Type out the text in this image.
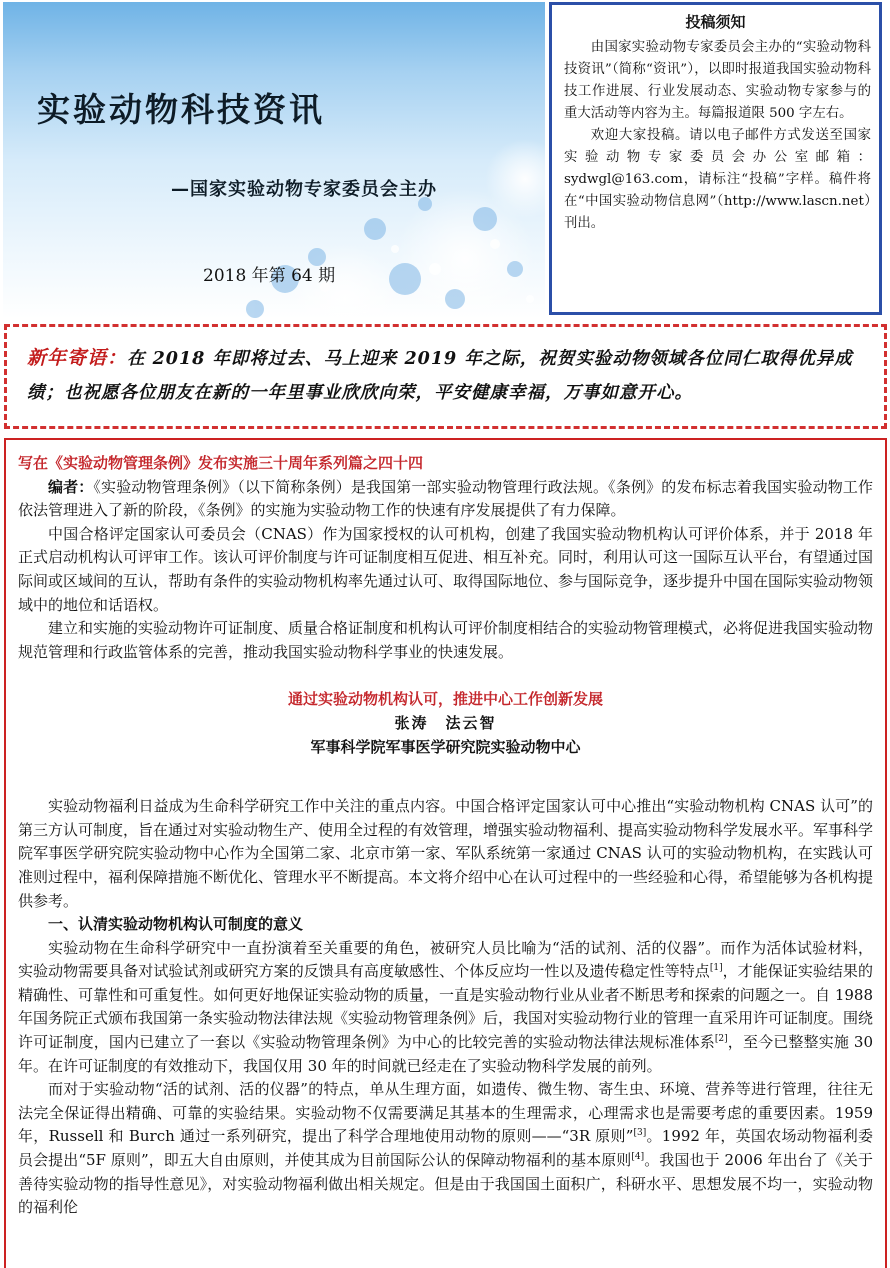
实验动物科技资讯
—国家实验动物专家委员会主办
2018 年第 64 期
投稿须知

由国家实验动物专家委员会主办的“实验动物科技资讯”（简称“资讯”），以即时报道我国实验动物科技工作进展、行业发展动态、实验动物专家参与的重大活动等内容为主。每篇报道限 500 字左右。

欢迎大家投稿。请以电子邮件方式发送至国家实验动物专家委员会办公室邮箱：sydwgl@163.com，请标注“投稿”字样。稿件将在“中国实验动物信息网”（http://www.lascn.net）刊出。

新年寄语：在 2018 年即将过去、马上迎来 2019 年之际，祝贺实验动物领域各位同仁取得优异成绩；也祝愿各位朋友在新的一年里事业欣欣向荣，平安健康幸福，万事如意开心。

写在《实验动物管理条例》发布实施三十周年系列篇之四十四

编者：《实验动物管理条例》（以下简称条例）是我国第一部实验动物管理行政法规。《条例》的发布标志着我国实验动物工作依法管理进入了新的阶段，《条例》的实施为实验动物工作的快速有序发展提供了有力保障。

中国合格评定国家认可委员会（CNAS）作为国家授权的认可机构，创建了我国实验动物机构认可评价体系，并于 2018 年正式启动机构认可评审工作。该认可评价制度与许可证制度相互促进、相互补充。同时，利用认可这一国际互认平台，有望通过国际间或区域间的互认，帮助有条件的实验动物机构率先通过认可、取得国际地位、参与国际竞争，逐步提升中国在国际实验动物领域中的地位和话语权。

建立和实施的实验动物许可证制度、质量合格证制度和机构认可评价制度相结合的实验动物管理模式，必将促进我国实验动物规范管理和行政监管体系的完善，推动我国实验动物科学事业的快速发展。

通过实验动物机构认可，推进中心工作创新发展

张涛　法云智

军事科学院军事医学研究院实验动物中心

实验动物福利日益成为生命科学研究工作中关注的重点内容。中国合格评定国家认可中心推出“实验动物机构 CNAS 认可”的第三方认可制度，旨在通过对实验动物生产、使用全过程的有效管理，增强实验动物福利、提高实验动物科学发展水平。军事科学院军事医学研究院实验动物中心作为全国第二家、北京市第一家、军队系统第一家通过 CNAS 认可的实验动物机构，在实践认可准则过程中，福利保障措施不断优化、管理水平不断提高。本文将介绍中心在认可过程中的一些经验和心得，希望能够为各机构提供参考。

一、认清实验动物机构认可制度的意义

实验动物在生命科学研究中一直扮演着至关重要的角色，被研究人员比喻为“活的试剂、活的仪器”。而作为活体试验材料，实验动物需要具备对试验试剂或研究方案的反馈具有高度敏感性、个体反应均一性以及遗传稳定性等特点[1]，才能保证实验结果的精确性、可靠性和可重复性。如何更好地保证实验动物的质量，一直是实验动物行业从业者不断思考和探索的问题之一。自 1988 年国务院正式颁布我国第一条实验动物法律法规《实验动物管理条例》后，我国对实验动物行业的管理一直采用许可证制度。围绕许可证制度，国内已建立了一套以《实验动物管理条例》为中心的比较完善的实验动物法律法规标准体系[2]，至今已整整实施 30 年。在许可证制度的有效推动下，我国仅用 30 年的时间就已经走在了实验动物科学发展的前列。

而对于实验动物“活的试剂、活的仪器”的特点，单从生理方面，如遗传、微生物、寄生虫、环境、营养等进行管理，往往无法完全保证得出精确、可靠的实验结果。实验动物不仅需要满足其基本的生理需求，心理需求也是需要考虑的重要因素。1959 年，Russell 和 Burch 通过一系列研究，提出了科学合理地使用动物的原则——“3R 原则”[3]。1992 年，英国农场动物福利委员会提出“5F 原则”，即五大自由原则，并使其成为目前国际公认的保障动物福利的基本原则[4]。我国也于 2006 年出台了《关于善待实验动物的指导性意见》，对实验动物福利做出相关规定。但是由于我国国土面积广，科研水平、思想发展不均一，实验动物的福利伦
